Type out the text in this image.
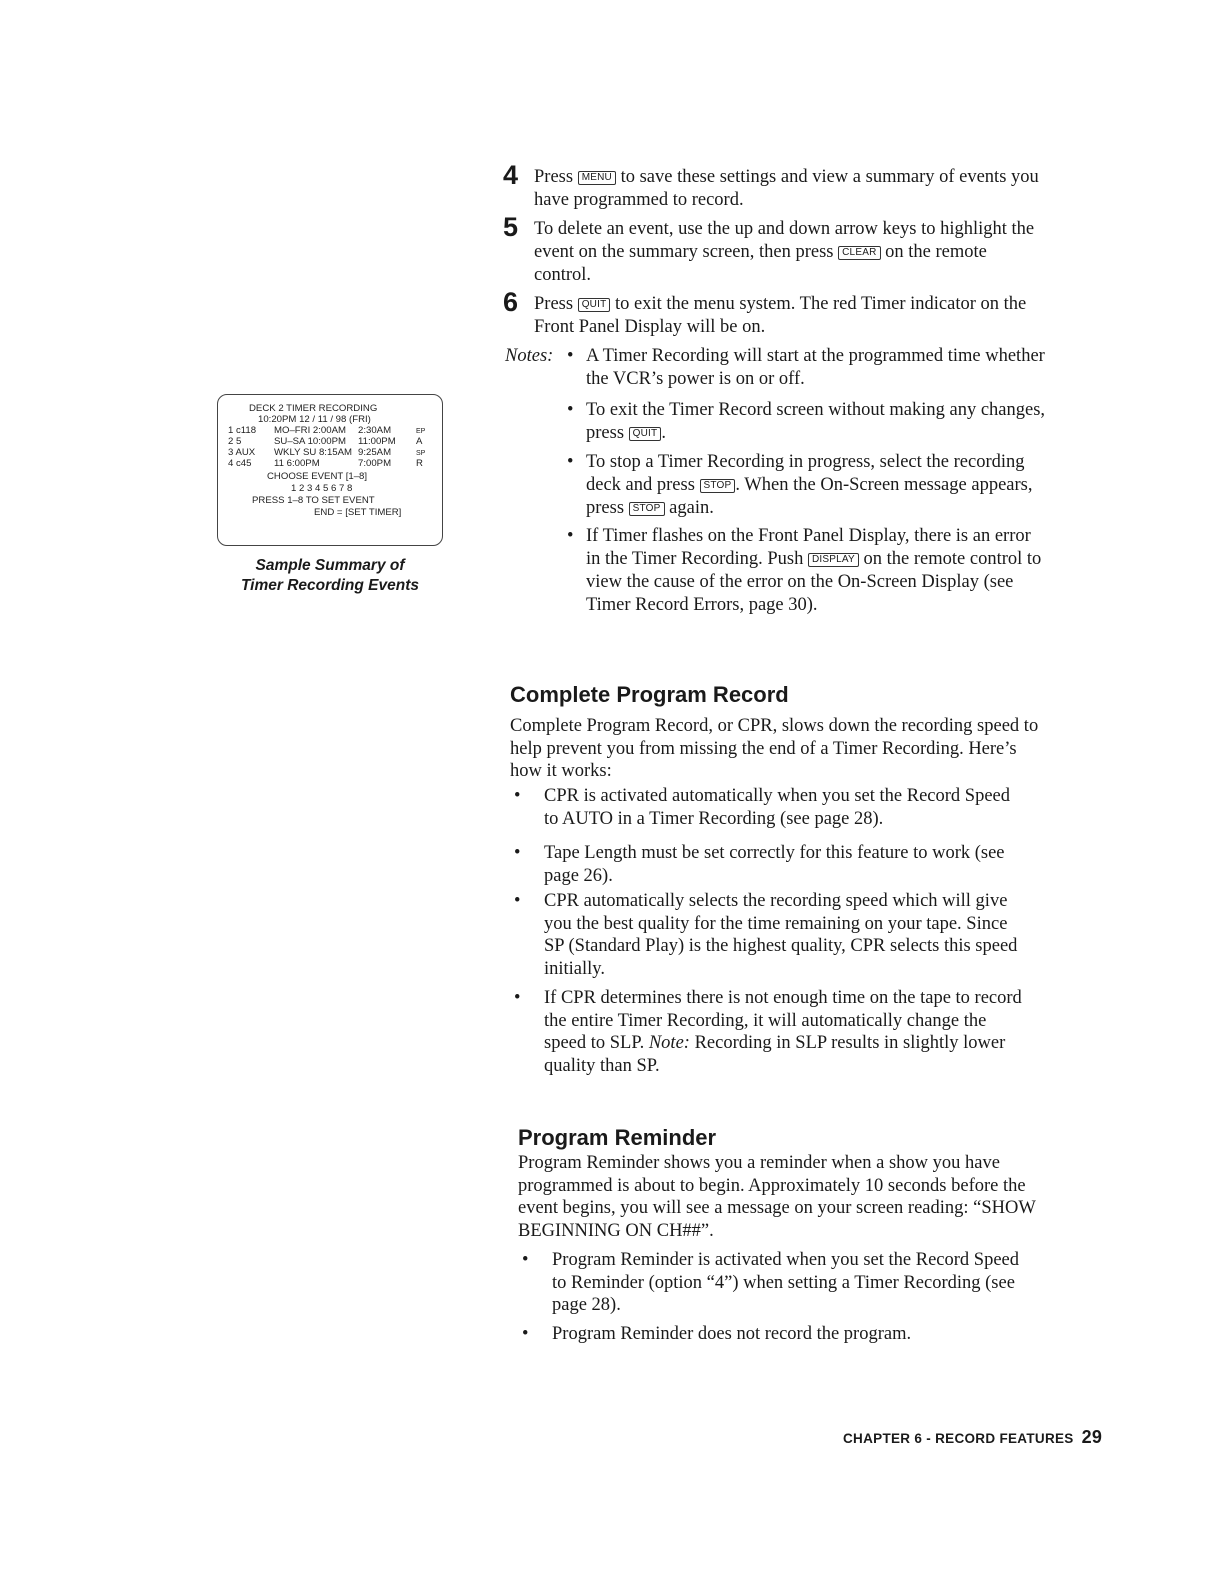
4 Press MENU to save these settings and view a summary of events you have programmed to record.
5 To delete an event, use the up and down arrow keys to highlight the event on the summary screen, then press CLEAR on the remote control.
6 Press QUIT to exit the menu system. The red Timer indicator on the Front Panel Display will be on.
Notes: • A Timer Recording will start at the programmed time whether the VCR’s power is on or off.
• To exit the Timer Record screen without making any changes, press QUIT .
• To stop a Timer Recording in progress, select the recording deck and press STOP . When the On-Screen message appears, press STOP again.
• If Timer flashes on the Front Panel Display, there is an error in the Timer Recording. Push DISPLAY on the remote control to view the cause of the error on the On-Screen Display (see Timer Record Errors, page 30).
DECK 2 TIMER RECORDING
10:20PM 12 / 11 / 98 (FRI)
1 c118 MO–FRI 2:00AM 2:30AM	EP
2 5	SU–SA 10:00PM 11:00PM A
3 AUX WKLY SU 8:15AM 9:25AM	SP
4 c45 11 6:00PM	7:00PM	R
CHOOSE EVENT [1–8]
1 2 3 4 5 6 7 8
PRESS 1–8 TO SET EVENT
END = [SET TIMER]
Sample Summary of
Timer Recording Events
Complete Program Record
Complete Program Record, or CPR, slows down the recording speed to help prevent you from missing the end of a Timer Recording. Here’s how it works:
• CPR is activated automatically when you set the Record Speed to AUTO in a Timer Recording (see page 28).
• Tape Length must be set correctly for this feature to work (see page 26).
• CPR automatically selects the recording speed which will give you the best quality for the time remaining on your tape. Since SP (Standard Play) is the highest quality, CPR selects this speed initially.
• If CPR determines there is not enough time on the tape to record the entire Timer Recording, it will automatically change the speed to SLP. Note: Recording in SLP results in slightly lower quality than SP.
Program Reminder
Program Reminder shows you a reminder when a show you have programmed is about to begin. Approximately 10 seconds before the event begins, you will see a message on your screen reading: “SHOW BEGINNING ON CH##”.
• Program Reminder is activated when you set the Record Speed to Reminder (option “4”) when setting a Timer Recording (see page 28).
• Program Reminder does not record the program.
CHAPTER 6 - RECORD FEATURES 29
